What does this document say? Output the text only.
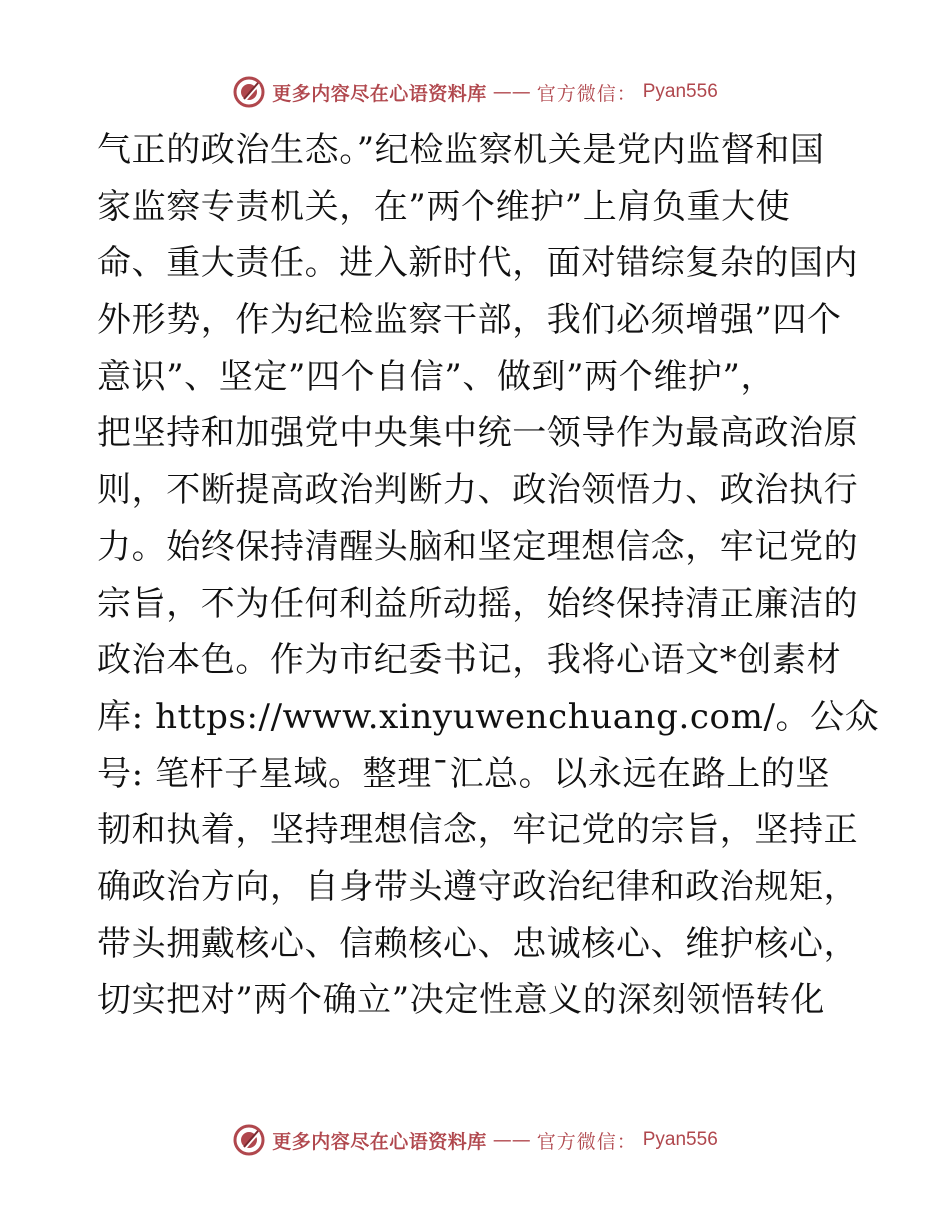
更多内容尽在心语资料库 —— 官方微信： Pyan556
气正的政治生态。”纪检监察机关是党内监督和国
家监察专责机关，在”两个维护”上肩负重大使
命、重大责任。进入新时代，面对错综复杂的国内
外形势，作为纪检监察干部，我们必须增强”四个
意识”、坚定”四个自信”、做到”两个维护”，
把坚持和加强党中央集中统一领导作为最高政治原
则，不断提高政治判断力、政治领悟力、政治执行
力。始终保持清醒头脑和坚定理想信念，牢记党的
宗旨，不为任何利益所动摇，始终保持清正廉洁的
政治本色。作为市纪委书记，我将心语文*创素材
库: https://www.xinyuwenchuang.com/。公众
号: 笔杆子星域。整理¯汇总。以永远在路上的坚
韧和执着，坚持理想信念，牢记党的宗旨，坚持正
确政治方向，自身带头遵守政治纪律和政治规矩，
带头拥戴核心、信赖核心、忠诚核心、维护核心，
切实把对”两个确立”决定性意义的深刻领悟转化
更多内容尽在心语资料库 —— 官方微信： Pyan556
